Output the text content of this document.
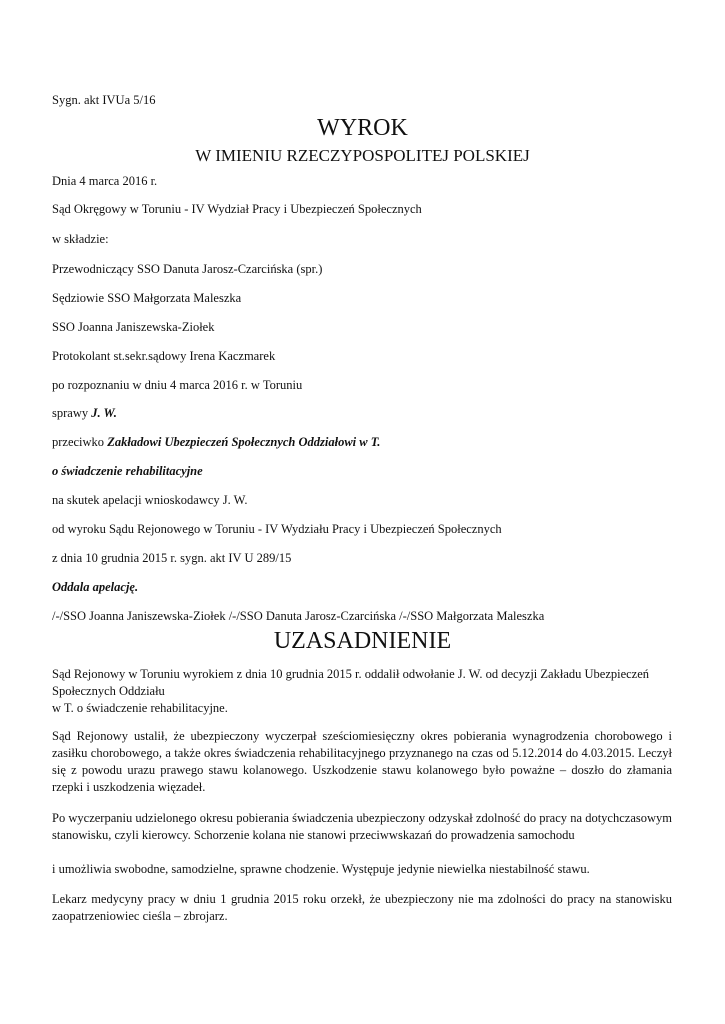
Sygn. akt IVUa 5/16
WYROK
W IMIENIU RZECZYPOSPOLITEJ POLSKIEJ
Dnia 4 marca 2016 r.
Sąd Okręgowy w Toruniu - IV Wydział Pracy i Ubezpieczeń Społecznych
w składzie:
Przewodniczący SSO Danuta Jarosz-Czarcińska (spr.)
Sędziowie SSO Małgorzata Maleszka
SSO Joanna Janiszewska-Ziołek
Protokolant st.sekr.sądowy Irena Kaczmarek
po rozpoznaniu w dniu 4 marca 2016 r. w Toruniu
sprawy J. W.
przeciwko Zakładowi Ubezpieczeń Społecznych Oddziałowi w T.
o świadczenie rehabilitacyjne
na skutek apelacji wnioskodawcy J. W.
od wyroku Sądu Rejonowego w Toruniu - IV Wydziału Pracy i Ubezpieczeń Społecznych
z dnia 10 grudnia 2015 r. sygn. akt IV U 289/15
Oddala apelację.
/-/SSO Joanna Janiszewska-Ziołek /-/SSO Danuta Jarosz-Czarcińska /-/SSO Małgorzata Maleszka
UZASADNIENIE
Sąd Rejonowy w Toruniu wyrokiem z dnia 10 grudnia 2015 r. oddalił odwołanie J. W. od decyzji Zakładu Ubezpieczeń
Społecznych Oddziału
w T. o świadczenie rehabilitacyjne.
Sąd Rejonowy ustalił, że ubezpieczony wyczerpał sześciomiesięczny okres pobierania wynagrodzenia chorobowego i zasiłku chorobowego, a także okres świadczenia rehabilitacyjnego przyznanego na czas od 5.12.2014 do 4.03.2015. Leczył się z powodu urazu prawego stawu kolanowego. Uszkodzenie stawu kolanowego było poważne – doszło do złamania rzepki i uszkodzenia więzadeł.
Po wyczerpaniu udzielonego okresu pobierania świadczenia ubezpieczony odzyskał zdolność do pracy na dotychczasowym stanowisku, czyli kierowcy. Schorzenie kolana nie stanowi przeciwwskazań do prowadzenia samochodu
i umożliwia swobodne, samodzielne, sprawne chodzenie. Występuje jedynie niewielka niestabilność stawu.
Lekarz medycyny pracy w dniu 1 grudnia 2015 roku orzekł, że ubezpieczony nie ma zdolności do pracy na stanowisku zaopatrzeniowiec cieśla – zbrojarz.
